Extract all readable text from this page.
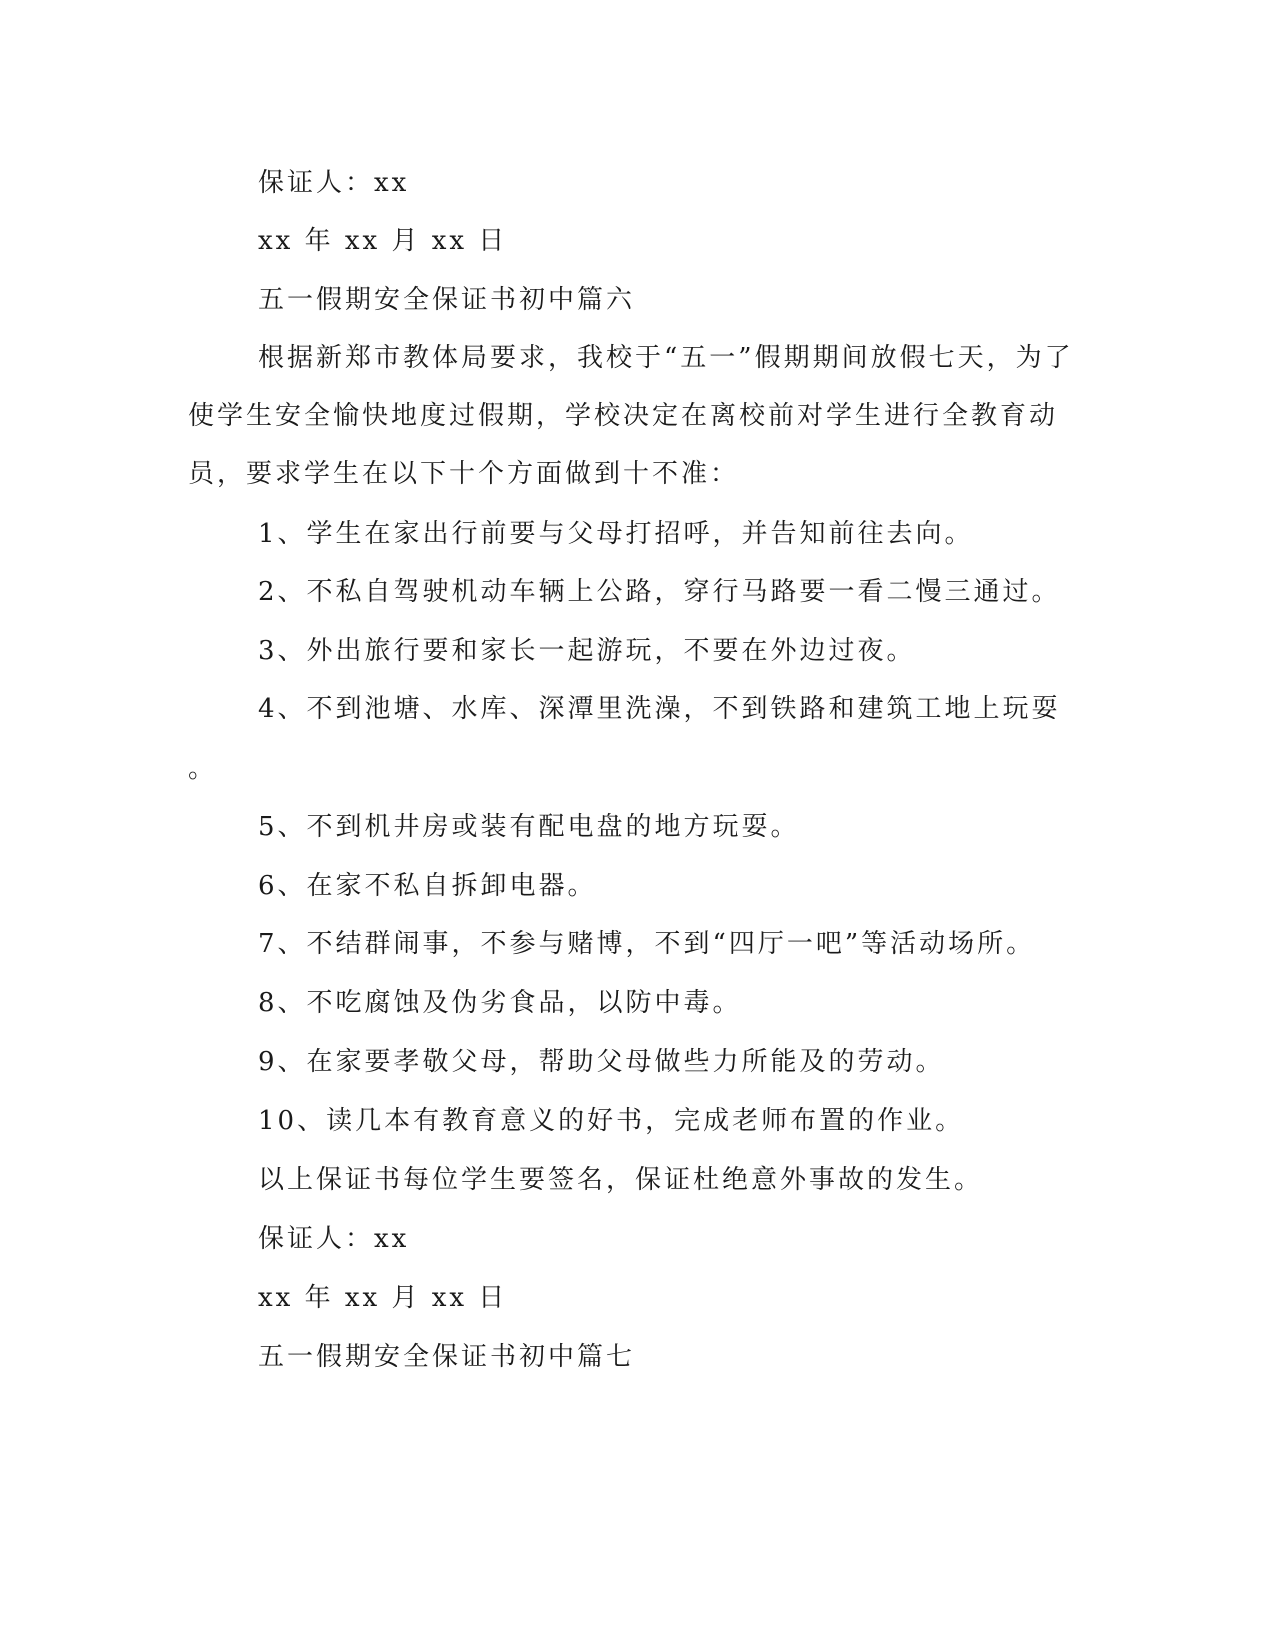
保证人：xx
xx 年 xx 月 xx 日
五一假期安全保证书初中篇六
根据新郑市教体局要求，我校于“五一”假期期间放假七天，为了
使学生安全愉快地度过假期，学校决定在离校前对学生进行全教育动
员，要求学生在以下十个方面做到十不准：
1、学生在家出行前要与父母打招呼，并告知前往去向。
2、不私自驾驶机动车辆上公路，穿行马路要一看二慢三通过。
3、外出旅行要和家长一起游玩，不要在外边过夜。
4、不到池塘、水库、深潭里洗澡，不到铁路和建筑工地上玩耍
。
5、不到机井房或装有配电盘的地方玩耍。
6、在家不私自拆卸电器。
7、不结群闹事，不参与赌博，不到“四厅一吧”等活动场所。
8、不吃腐蚀及伪劣食品，以防中毒。
9、在家要孝敬父母，帮助父母做些力所能及的劳动。
10、读几本有教育意义的好书，完成老师布置的作业。
以上保证书每位学生要签名，保证杜绝意外事故的发生。
保证人：xx
xx 年 xx 月 xx 日
五一假期安全保证书初中篇七
